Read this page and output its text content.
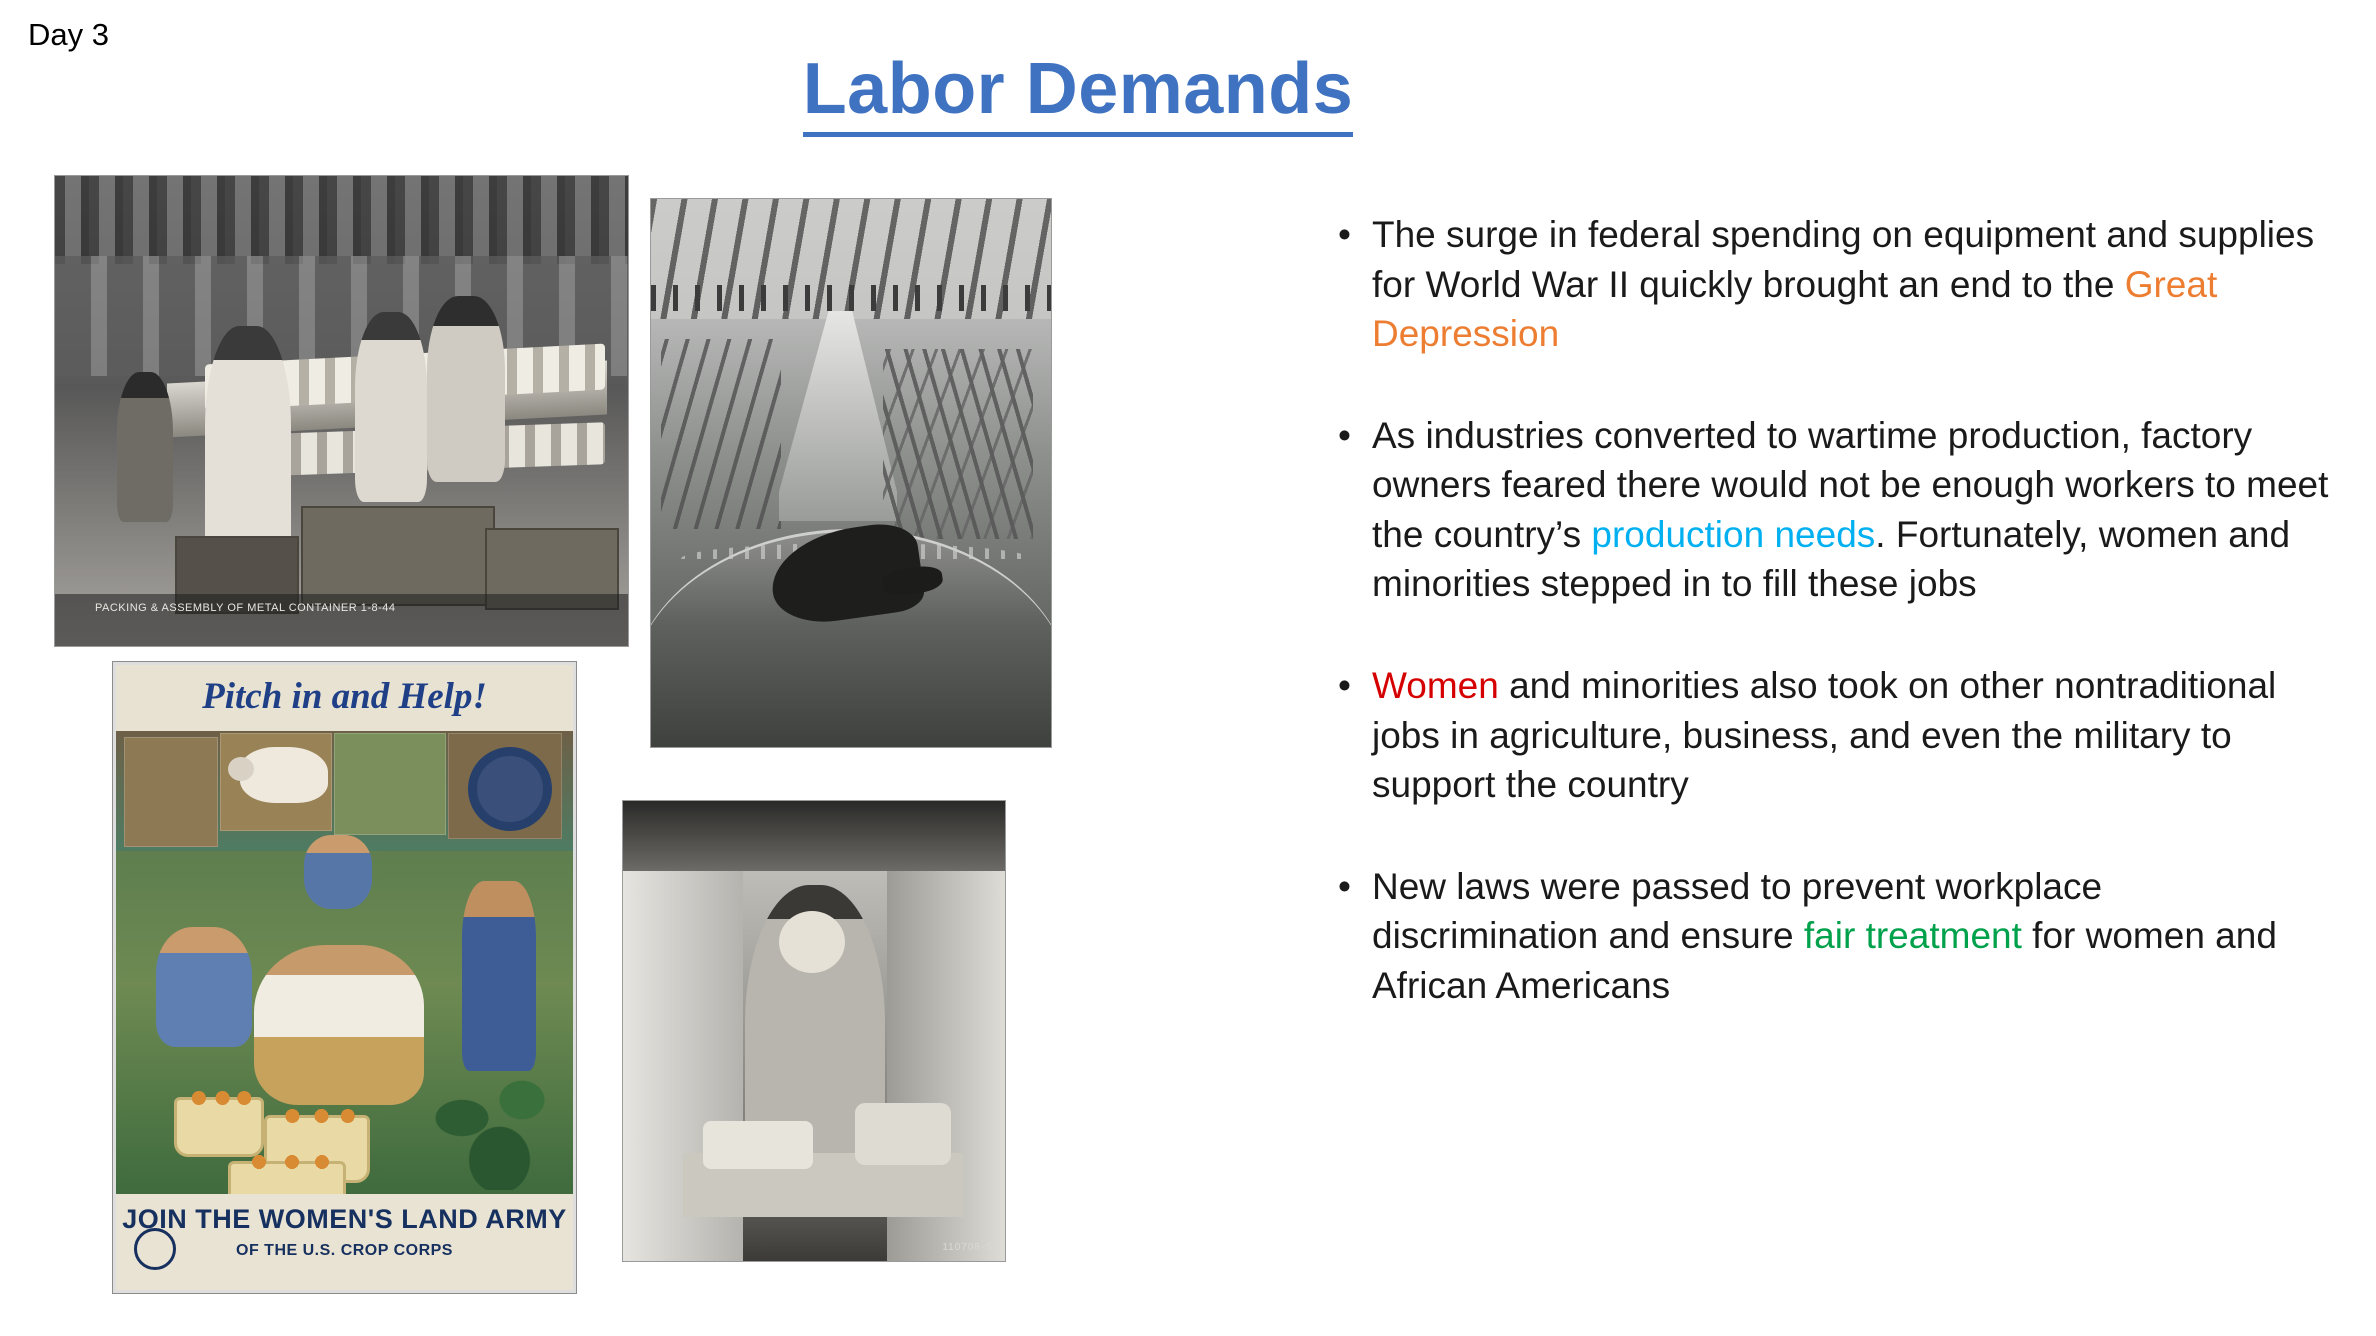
Day 3
Labor Demands
PACKING & ASSEMBLY OF METAL CONTAINER 1-8-44
Pitch in and Help!
JOIN THE WOMEN'S LAND ARMY
OF THE U.S. CROP CORPS	110708-S
• The surge in federal spending on equipment and supplies for World War II quickly brought an end to the Great Depression
• As industries converted to wartime production, factory owners feared there would not be enough workers to meet the country’s production needs. Fortunately, women and minorities stepped in to fill these jobs
• Women and minorities also took on other nontraditional jobs in agriculture, business, and even the military to support the country
• New laws were passed to prevent workplace discrimination and ensure fair treatment for women and African Americans
